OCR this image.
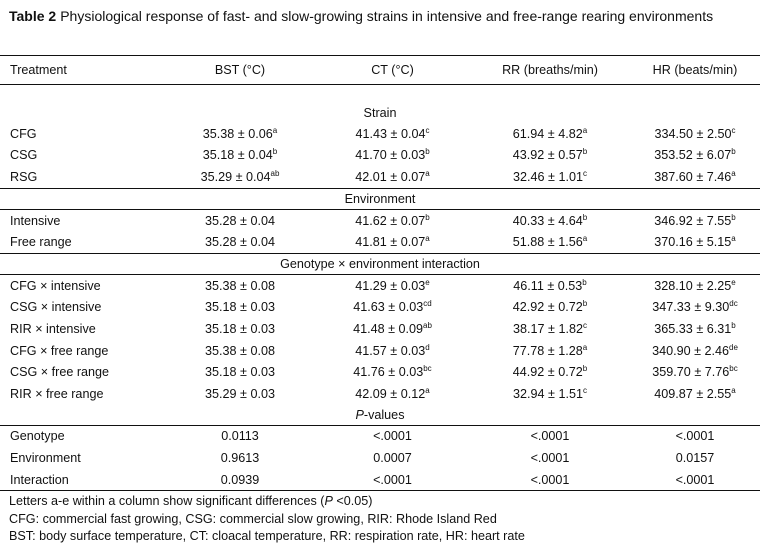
Table 2 Physiological response of fast- and slow-growing strains in intensive and free-range rearing environments
Treatment	BST (°C)	CT (°C)	RR (breaths/min)	HR (beats/min)

Strain				
CFG	35.38 ± 0.06$^a$	41.43 ± 0.04$^c$	61.94 ± 4.82$^a$	334.50 ± 2.50$^c$
CSG	35.18 ± 0.04$^b$	41.70 ± 0.03$^b$	43.92 ± 0.57$^b$	353.52 ± 6.07$^b$
RSG	35.29 ± 0.04$^{ab}$	42.01 ± 0.07$^a$	32.46 ± 1.01$^c$	387.60 ± 7.46$^a$
Environment				
Intensive	35.28 ± 0.04	41.62 ± 0.07$^b$	40.33 ± 4.64$^b$	346.92 ± 7.55$^b$
Free range	35.28 ± 0.04	41.81 ± 0.07$^a$	51.88 ± 1.56$^a$	370.16 ± 5.15$^a$
Genotype × environment interaction				
CFG × intensive	35.38 ± 0.08	41.29 ± 0.03$^e$	46.11 ± 0.53$^b$	328.10 ± 2.25$^e$
CSG × intensive	35.18 ± 0.03	41.63 ± 0.03$^{cd}$	42.92 ± 0.72$^b$	347.33 ± 9.30$^{dc}$
RIR × intensive	35.18 ± 0.03	41.48 ± 0.09$^{ab}$	38.17 ± 1.82$^c$	365.33 ± 6.31$^b$
CFG × free range	35.38 ± 0.08	41.57 ± 0.03$^d$	77.78 ± 1.28$^a$	340.90 ± 2.46de
CSG × free range	35.18 ± 0.03	41.76 ± 0.03$^{bc}$	44.92 ± 0.72$^b$	359.70 ± 7.76$^{bc}$
RIR × free range	35.29 ± 0.03	42.09 ± 0.12$^a$	32.94 ± 1.51$^c$	409.87 ± 2.55$^a$
P-values				
Genotype	0.0113	<.0001	<.0001	<.0001
Environment	0.9613	0.0007	<.0001	0.0157
Interaction	0.0939	<.0001	<.0001	<.0001
Letters a-e within a column show significant differences (P <0.05)
CFG: commercial fast growing, CSG: commercial slow growing, RIR: Rhode Island Red
BST: body surface temperature, CT: cloacal temperature, RR: respiration rate, HR: heart rate
